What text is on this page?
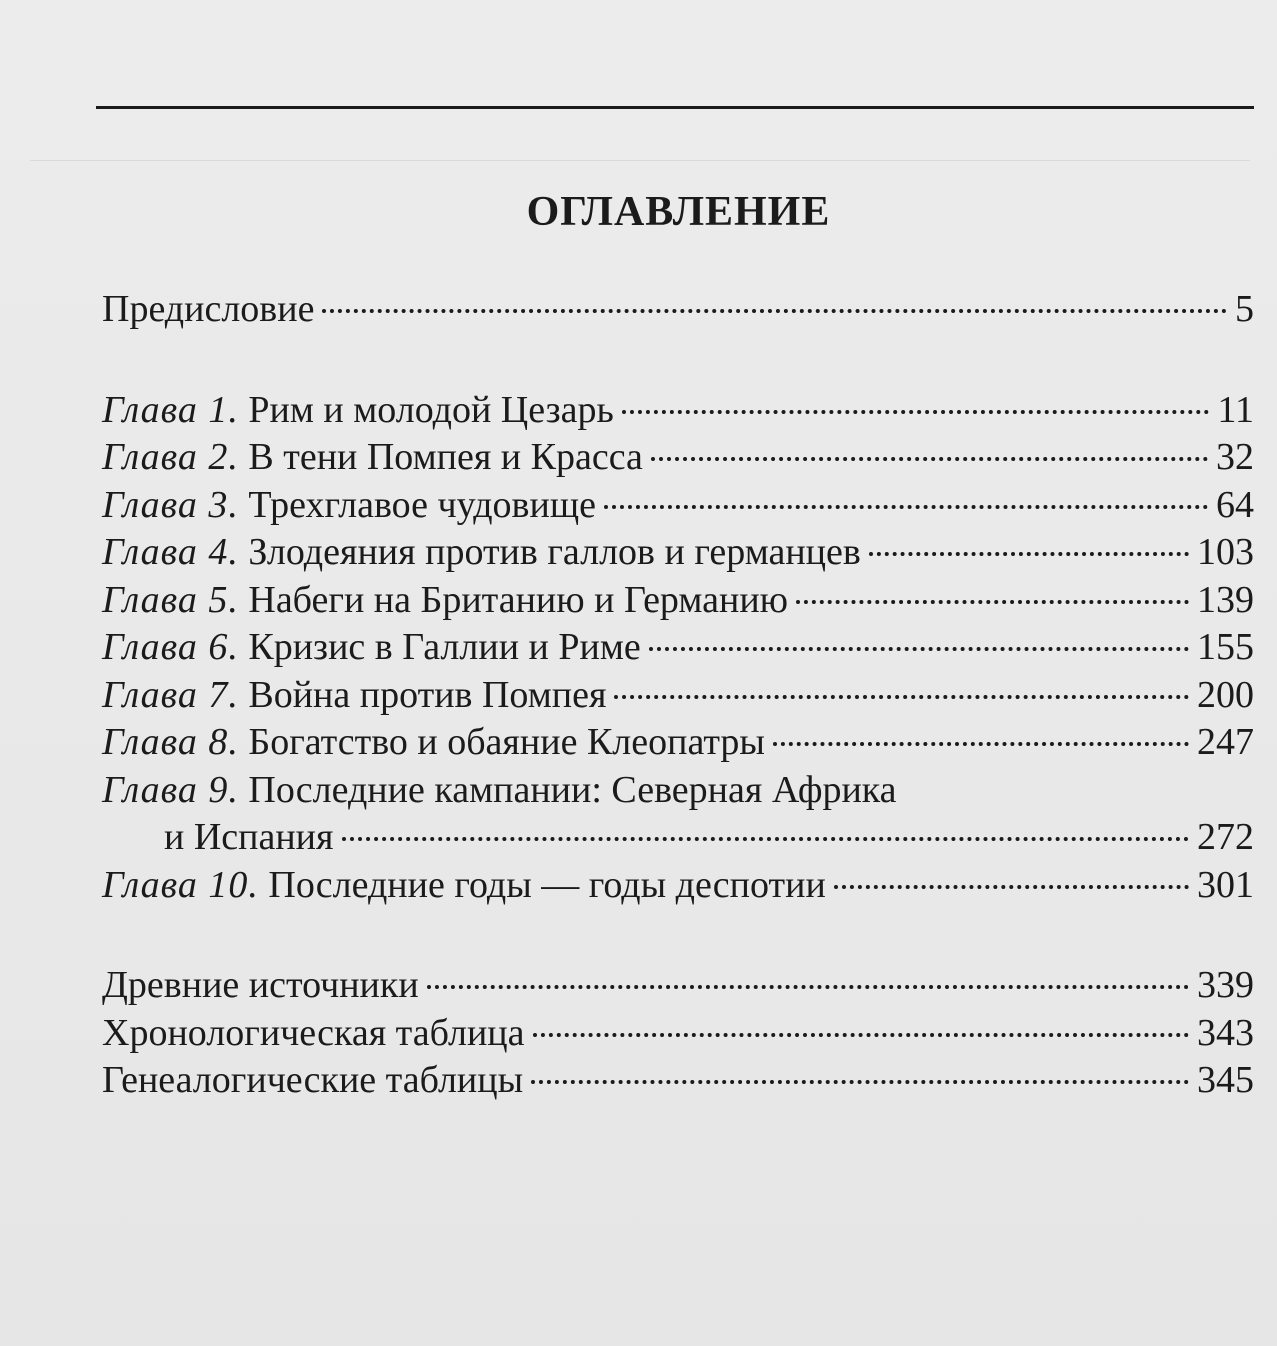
ОГЛАВЛЕНИЕ
Предисловие	5
Глава 1. Рим и молодой Цезарь	11
Глава 2. В тени Помпея и Красса	32
Глава 3. Трехглавое чудовище	64
Глава 4. Злодеяния против галлов и германцев	103
Глава 5. Набеги на Британию и Германию	139
Глава 6. Кризис в Галлии и Риме	155
Глава 7. Война против Помпея	200
Глава 8. Богатство и обаяние Клеопатры	247
Глава 9. Последние кампании: Северная Африка
и Испания	272
Глава 10. Последние годы — годы деспотии	301
Древние источники	339
Хронологическая таблица	343
Генеалогические таблицы	345
